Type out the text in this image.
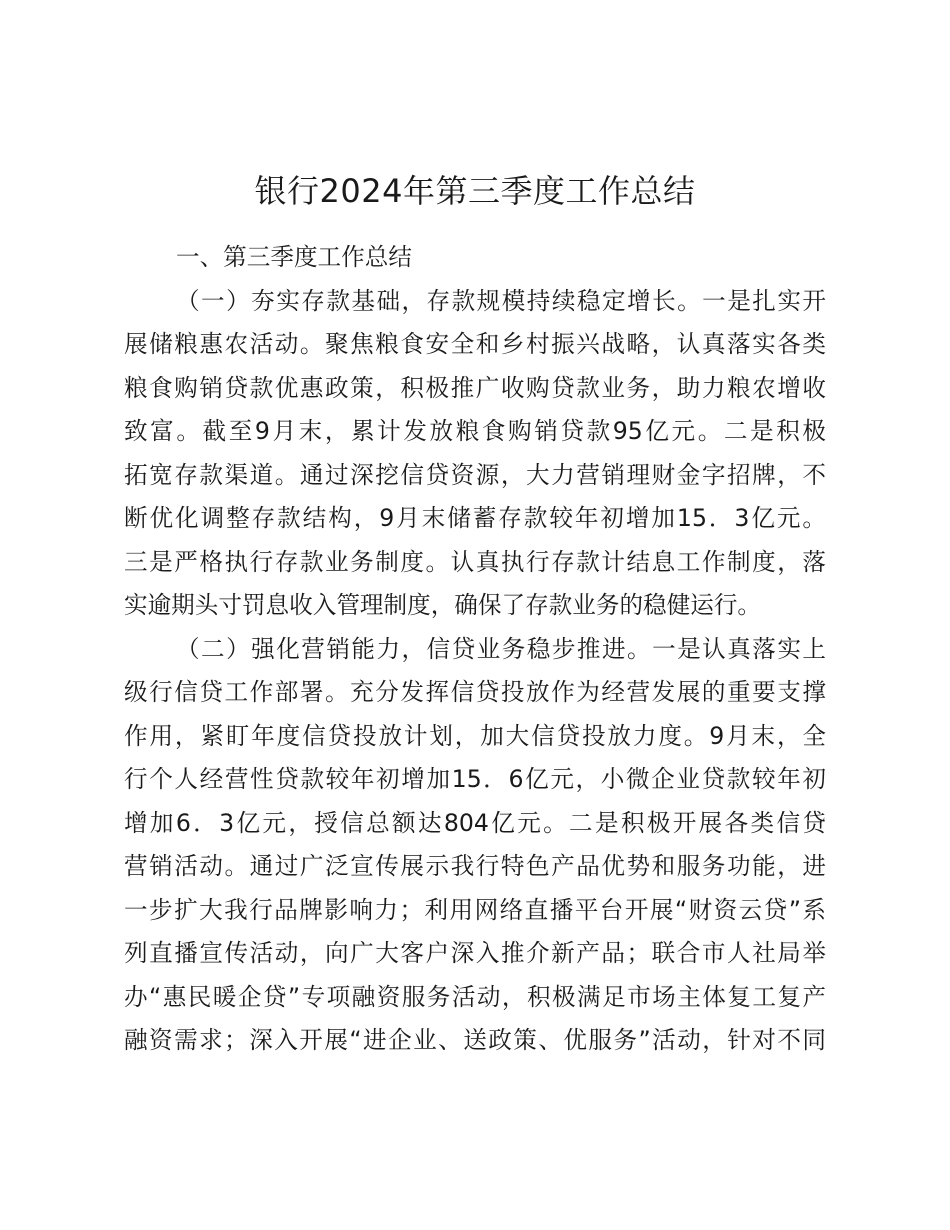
银行2024年第三季度工作总结
一、第三季度工作总结
（一）夯实存款基础，存款规模持续稳定增长。一是扎实开
展储粮惠农活动。聚焦粮食安全和乡村振兴战略，认真落实各类
粮食购销贷款优惠政策，积极推广收购贷款业务，助力粮农增收
致富。截至9月末，累计发放粮食购销贷款95亿元。二是积极
拓宽存款渠道。通过深挖信贷资源，大力营销理财金字招牌，不
断优化调整存款结构，9月末储蓄存款较年初增加15．3亿元。
三是严格执行存款业务制度。认真执行存款计结息工作制度，落
实逾期头寸罚息收入管理制度，确保了存款业务的稳健运行。
（二）强化营销能力，信贷业务稳步推进。一是认真落实上
级行信贷工作部署。充分发挥信贷投放作为经营发展的重要支撑
作用，紧盯年度信贷投放计划，加大信贷投放力度。9月末，全
行个人经营性贷款较年初增加15．6亿元，小微企业贷款较年初
增加6．3亿元，授信总额达804亿元。二是积极开展各类信贷
营销活动。通过广泛宣传展示我行特色产品优势和服务功能，进
一步扩大我行品牌影响力；利用网络直播平台开展“财资云贷”系
列直播宣传活动，向广大客户深入推介新产品；联合市人社局举
办“惠民暖企贷”专项融资服务活动，积极满足市场主体复工复产
融资需求；深入开展“进企业、送政策、优服务”活动，针对不同
